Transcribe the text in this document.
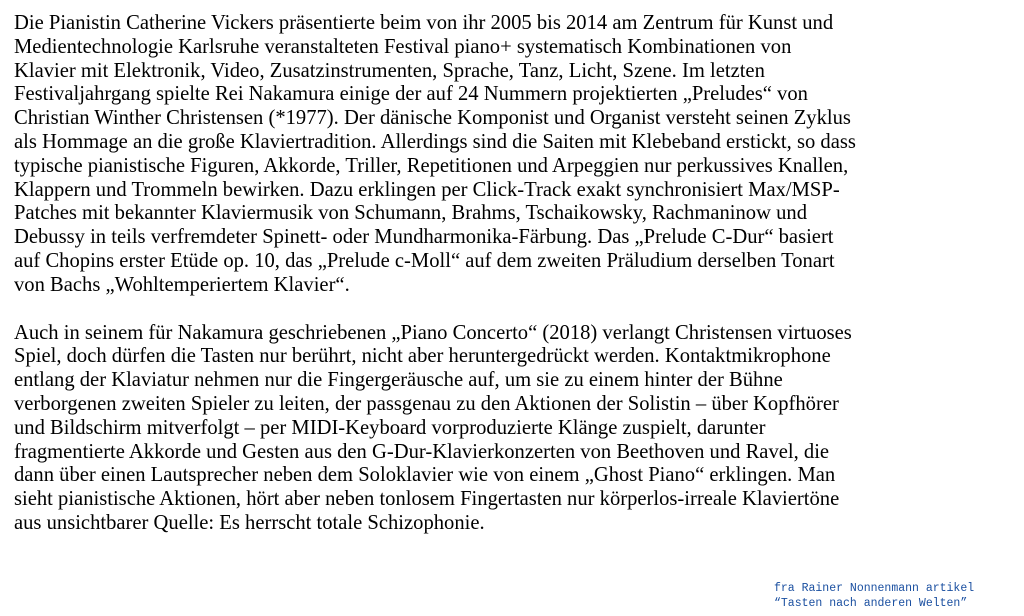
Die Pianistin Catherine Vickers präsentierte beim von ihr 2005 bis 2014 am Zentrum für Kunst und
Medientechnologie Karlsruhe veranstalteten Festival piano+ systematisch Kombinationen von
Klavier mit Elektronik, Video, Zusatzinstrumenten, Sprache, Tanz, Licht, Szene. Im letzten
Festivaljahrgang spielte Rei Nakamura einige der auf 24 Nummern projektierten „Preludes“ von
Christian Winther Christensen (*1977). Der dänische Komponist und Organist versteht seinen Zyklus
als Hommage an die große Klaviertradition. Allerdings sind die Saiten mit Klebeband erstickt, so dass
typische pianistische Figuren, Akkorde, Triller, Repetitionen und Arpeggien nur perkussives Knallen,
Klappern und Trommeln bewirken. Dazu erklingen per Click-Track exakt synchronisiert Max/MSP-
Patches mit bekannter Klaviermusik von Schumann, Brahms, Tschaikowsky, Rachmaninow und
Debussy in teils verfremdeter Spinett- oder Mundharmonika-Färbung. Das „Prelude C-Dur“ basiert
auf Chopins erster Etüde op. 10, das „Prelude c-Moll“ auf dem zweiten Präludium derselben Tonart
von Bachs „Wohltemperiertem Klavier“.

Auch in seinem für Nakamura geschriebenen „Piano Concerto“ (2018) verlangt Christensen virtuoses
Spiel, doch dürfen die Tasten nur berührt, nicht aber heruntergedrückt werden. Kontaktmikrophone
entlang der Klaviatur nehmen nur die Fingergeräusche auf, um sie zu einem hinter der Bühne
verborgenen zweiten Spieler zu leiten, der passgenau zu den Aktionen der Solistin – über Kopfhörer
und Bildschirm mitverfolgt – per MIDI-Keyboard vorproduzierte Klänge zuspielt, darunter
fragmentierte Akkorde und Gesten aus den G-Dur-Klavierkonzerten von Beethoven und Ravel, die
dann über einen Lautsprecher neben dem Soloklavier wie von einem „Ghost Piano“ erklingen. Man
sieht pianistische Aktionen, hört aber neben tonlosem Fingertasten nur körperlos-irreale Klaviertöne
aus unsichtbarer Quelle: Es herrscht totale Schizophonie.

fra Rainer Nonnenmann artikel
“Tasten nach anderen Welten”
